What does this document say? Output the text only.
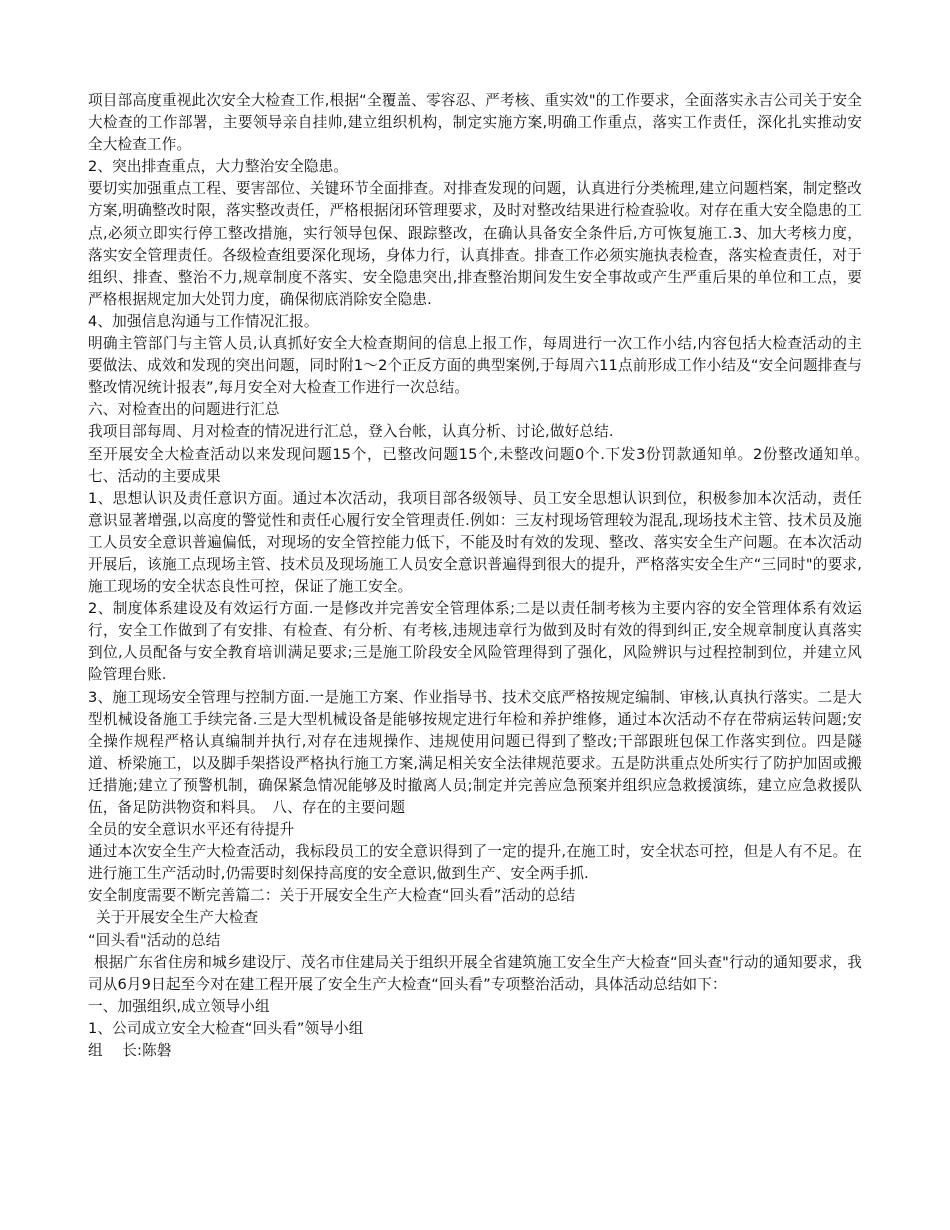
项目部高度重视此次安全大检查工作,根据“全覆盖、零容忍、严考核、重实效"的工作要求，全面落实永吉公司关于安全大检查的工作部署，主要领导亲自挂帅,建立组织机构，制定实施方案,明确工作重点，落实工作责任，深化扎实推动安全大检查工作。

2、突出排查重点，大力整治安全隐患。

要切实加强重点工程、要害部位、关键环节全面排查。对排查发现的问题，认真进行分类梳理,建立问题档案，制定整改方案,明确整改时限，落实整改责任，严格根据闭环管理要求，及时对整改结果进行检查验收。对存在重大安全隐患的工点,必须立即实行停工整改措施，实行领导包保、跟踪整改，在确认具备安全条件后,方可恢复施工.3、加大考核力度，落实安全管理责任。各级检查组要深化现场，身体力行，认真排查。排查工作必须实施执表检查，落实检查责任，对于组织、排查、整治不力,规章制度不落实、安全隐患突出,排查整治期间发生安全事故或产生严重后果的单位和工点，要严格根据规定加大处罚力度，确保彻底消除安全隐患.

4、加强信息沟通与工作情况汇报。

明确主管部门与主管人员,认真抓好安全大检查期间的信息上报工作，每周进行一次工作小结,内容包括大检查活动的主要做法、成效和发现的突出问题，同时附1～2个正反方面的典型案例,于每周六11点前形成工作小结及“安全问题排查与整改情况统计报表”,每月安全对大检查工作进行一次总结。

六、对检查出的问题进行汇总

我项目部每周、月对检查的情况进行汇总，登入台帐，认真分析、讨论,做好总结.

至开展安全大检查活动以来发现问题15个，已整改问题15个,未整改问题0个.下发3份罚款通知单。2份整改通知单。　七、活动的主要成果

1、思想认识及责任意识方面。通过本次活动，我项目部各级领导、员工安全思想认识到位，积极参加本次活动，责任意识显著增强,以高度的警觉性和责任心履行安全管理责任.例如：三友村现场管理较为混乱,现场技术主管、技术员及施工人员安全意识普遍偏低，对现场的安全管控能力低下，不能及时有效的发现、整改、落实安全生产问题。在本次活动开展后，该施工点现场主管、技术员及现场施工人员安全意识普遍得到很大的提升，严格落实安全生产“三同时"的要求,施工现场的安全状态良性可控，保证了施工安全。

2、制度体系建设及有效运行方面.一是修改并完善安全管理体系;二是以责任制考核为主要内容的安全管理体系有效运行，安全工作做到了有安排、有检查、有分析、有考核,违规违章行为做到及时有效的得到纠正,安全规章制度认真落实到位,人员配备与安全教育培训满足要求;三是施工阶段安全风险管理得到了强化，风险辨识与过程控制到位，并建立风险管理台账.

3、施工现场安全管理与控制方面.一是施工方案、作业指导书、技术交底严格按规定编制、审核,认真执行落实。二是大型机械设备施工手续完备.三是大型机械设备是能够按规定进行年检和养护维修，通过本次活动不存在带病运转问题;安全操作规程严格认真编制并执行,对存在违规操作、违规使用问题已得到了整改;干部跟班包保工作落实到位。四是隧道、桥梁施工，以及脚手架搭设严格执行施工方案,满足相关安全法律规范要求。五是防洪重点处所实行了防护加固或搬迁措施;建立了预警机制，确保紧急情况能够及时撤离人员;制定并完善应急预案并组织应急救援演练，建立应急救援队伍，备足防洪物资和料具。　八、存在的主要问题

全员的安全意识水平还有待提升

通过本次安全生产大检查活动，我标段员工的安全意识得到了一定的提升,在施工时，安全状态可控，但是人有不足。在进行施工生产活动时,仍需要时刻保持高度的安全意识,做到生产、安全两手抓.

安全制度需要不断完善篇二：关于开展安全生产大检查“回头看”活动的总结

关于开展安全生产大检查

“回头看"活动的总结

根据广东省住房和城乡建设厅、茂名市住建局关于组织开展全省建筑施工安全生产大检查“回头查"行动的通知要求，我司从6月9日起至今对在建工程开展了安全生产大检查“回头看”专项整治活动，具体活动总结如下：

一、加强组织,成立领导小组

1、公司成立安全大检查“回头看”领导小组

组　 长:陈磐
